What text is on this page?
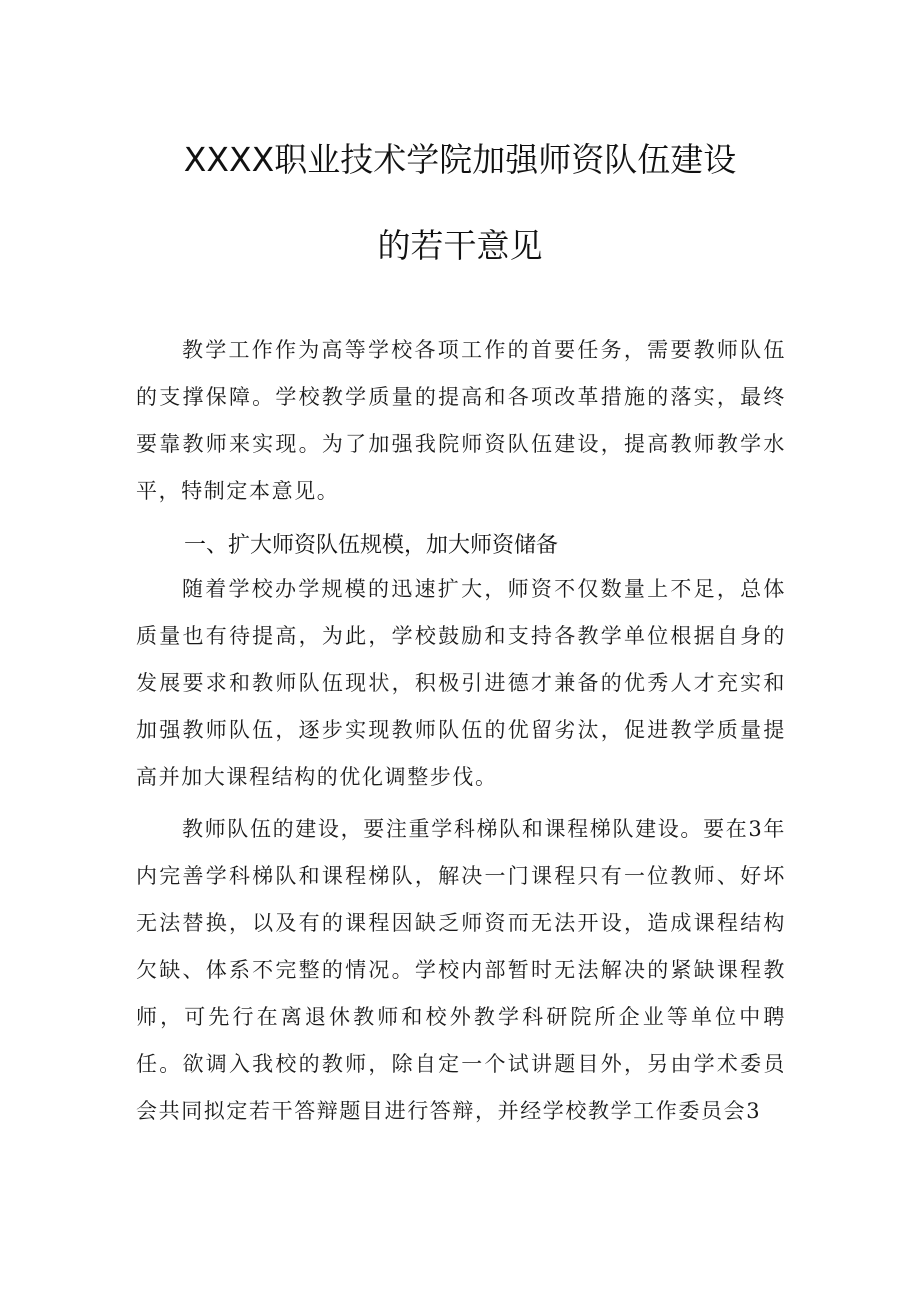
XXXX职业技术学院加强师资队伍建设
的若干意见

教学工作作为高等学校各项工作的首要任务，需要教师队伍的支撑保障。学校教学质量的提高和各项改革措施的落实，最终要靠教师来实现。为了加强我院师资队伍建设，提高教师教学水平，特制定本意见。

一、扩大师资队伍规模，加大师资储备

随着学校办学规模的迅速扩大，师资不仅数量上不足，总体质量也有待提高，为此，学校鼓励和支持各教学单位根据自身的发展要求和教师队伍现状，积极引进德才兼备的优秀人才充实和加强教师队伍，逐步实现教师队伍的优留劣汰，促进教学质量提高并加大课程结构的优化调整步伐。

教师队伍的建设，要注重学科梯队和课程梯队建设。要在3年内完善学科梯队和课程梯队，解决一门课程只有一位教师、好坏无法替换，以及有的课程因缺乏师资而无法开设，造成课程结构欠缺、体系不完整的情况。学校内部暂时无法解决的紧缺课程教师，可先行在离退休教师和校外教学科研院所企业等单位中聘任。欲调入我校的教师，除自定一个试讲题目外，另由学术委员会共同拟定若干答辩题目进行答辩，并经学校教学工作委员会3
